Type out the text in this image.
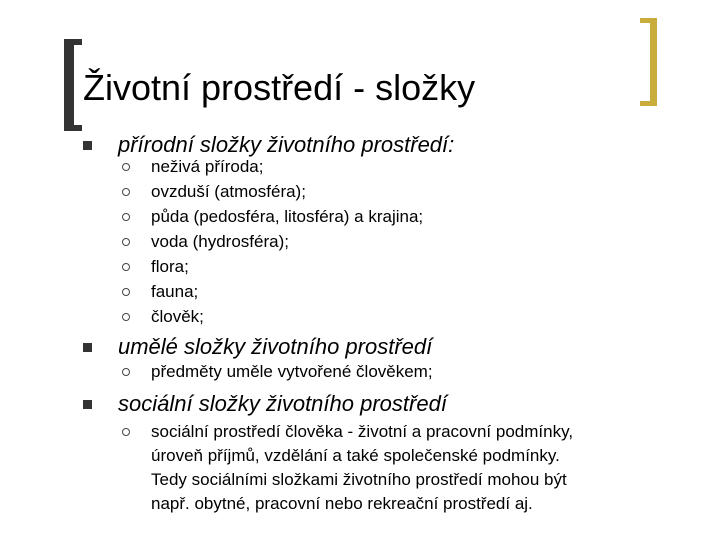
Životní prostředí - složky
přírodní složky životního prostředí:
neživá příroda;
ovzduší (atmosféra);
půda (pedosféra, litosféra) a krajina;
voda (hydrosféra);
flora;
fauna;
člověk;
umělé složky životního prostředí
předměty uměle vytvořené člověkem;
sociální složky životního prostředí
sociální prostředí člověka - životní a pracovní podmínky,
úroveň příjmů, vzdělání a také společenské podmínky.
Tedy sociálními složkami životního prostředí mohou být
např. obytné, pracovní nebo rekreační prostředí aj.
